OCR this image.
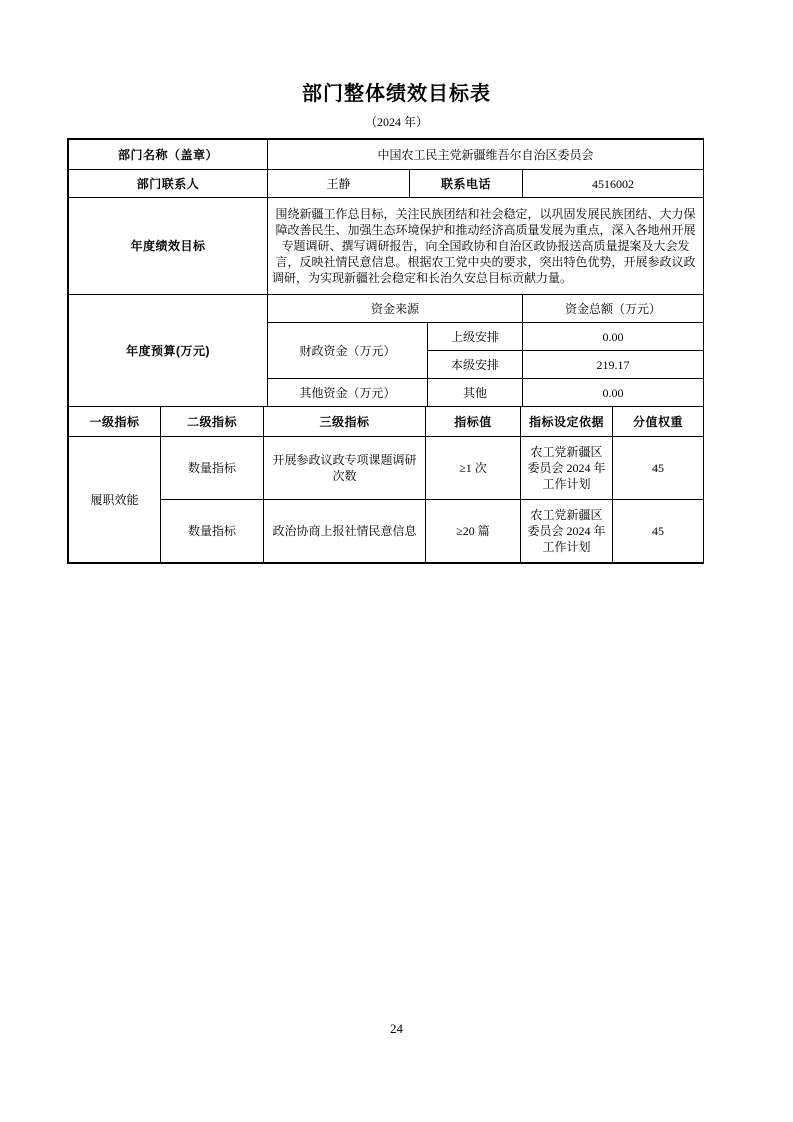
部门整体绩效目标表
（2024 年）
部门名称（盖章）	中国农工民主党新疆维吾尔自治区委员会		
部门联系人	王静	联系电话	4516002
年度绩效目标	围绕新疆工作总目标，关注民族团结和社会稳定，以巩固发展民族团结、大力保障改善民生、加强生态环境保护和推动经济高质量发展为重点，深入各地州开展专题调研、撰写调研报告，向全国政协和自治区政协报送高质量提案及大会发言，反映社情民意信息。根据农工党中央的要求，突出特色优势，开展参政议政调研，为实现新疆社会稳定和长治久安总目标贡献力量。		
年度预算(万元)	资金来源		资金总额（万元）
	财政资金（万元）	上级安排	0.00
		本级安排	219.17
	其他资金（万元）	其他	0.00
一级指标	二级指标	三级指标	指标值	指标设定依据	分值权重
履职效能	数量指标	开展参政议政专项课题调研次数	≥1 次	农工党新疆区委员会 2024 年工作计划	45
	数量指标	政治协商上报社情民意信息	≥20 篇	农工党新疆区委员会 2024 年工作计划	45
24
